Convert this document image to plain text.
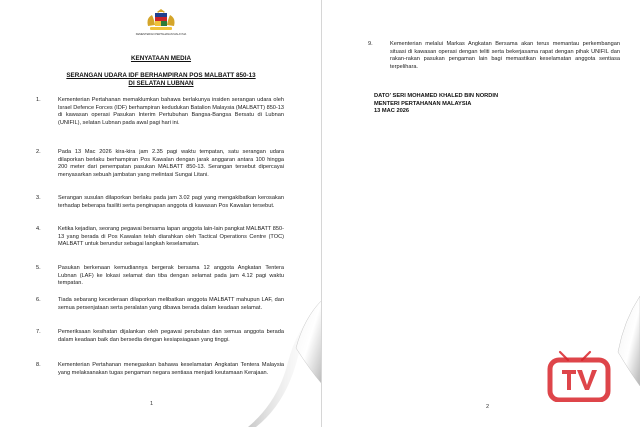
KEMENTERIAN PERTAHANAN MALAYSIA
KENYATAAN MEDIA
SERANGAN UDARA IDF BERHAMPIRAN POS MALBATT 850-13
DI SELATAN LUBNAN
1.	Kementerian Pertahanan memaklumkan bahawa berlakunya insiden serangan udara oleh Israel Defence Forces (IDF) berhampiran kedudukan Batalion Malaysia (MALBATT) 850-13 di kawasan operasi Pasukan Interim Pertubuhan Bangsa-Bangsa Bersatu di Lubnan (UNIFIL), selatan Lubnan pada awal pagi hari ini.
2.	Pada 13 Mac 2026 kira-kira jam 2.35 pagi waktu tempatan, satu serangan udara dilaporkan berlaku berhampiran Pos Kawalan dengan jarak anggaran antara 100 hingga 200 meter dari penempatan pasukan MALBATT 850-13. Serangan tersebut dipercayai menyasarkan sebuah jambatan yang melintasi Sungai Litani.
3.	Serangan susulan dilaporkan berlaku pada jam 3.02 pagi yang mengakibatkan kerosakan terhadap beberapa fasiliti serta penginapan anggota di kawasan Pos Kawalan tersebut.
4.	Ketika kejadian, seorang pegawai bersama lapan anggota lain-lain pangkat MALBATT 850-13 yang berada di Pos Kawalan telah diarahkan oleh Tactical Operations Centre (TOC) MALBATT untuk berundur sebagai langkah keselamatan.
5.	Pasukan berkenaan kemudiannya bergerak bersama 12 anggota Angkatan Tentera Lubnan (LAF) ke lokasi selamat dan tiba dengan selamat pada jam 4.12 pagi waktu tempatan.
6.	Tiada sebarang kecederaan dilaporkan melibatkan anggota MALBATT mahupun LAF, dan semua persenjataan serta peralatan yang dibawa berada dalam keadaan selamat.
7.	Pemeriksaan kesihatan dijalankan oleh pegawai perubatan dan semua anggota berada dalam keadaan baik dan bersedia dengan kesiapsiagaan yang tinggi.
8.	Kementerian Pertahanan menegaskan bahawa keselamatan Angkatan Tentera Malaysia yang melaksanakan tugas pengaman negara sentiasa menjadi keutamaan Kerajaan.
1
9.	Kementerian melalui Markas Angkatan Bersama akan terus memantau perkembangan situasi di kawasan operasi dengan teliti serta bekerjasama rapat dengan pihak UNIFIL dan rakan-rakan pasukan pengaman lain bagi memastikan keselamatan anggota sentiasa terpelihara.
DATO' SERI MOHAMED KHALED BIN NORDIN
MENTERI PERTAHANAN MALAYSIA
13 MAC 2026
2
